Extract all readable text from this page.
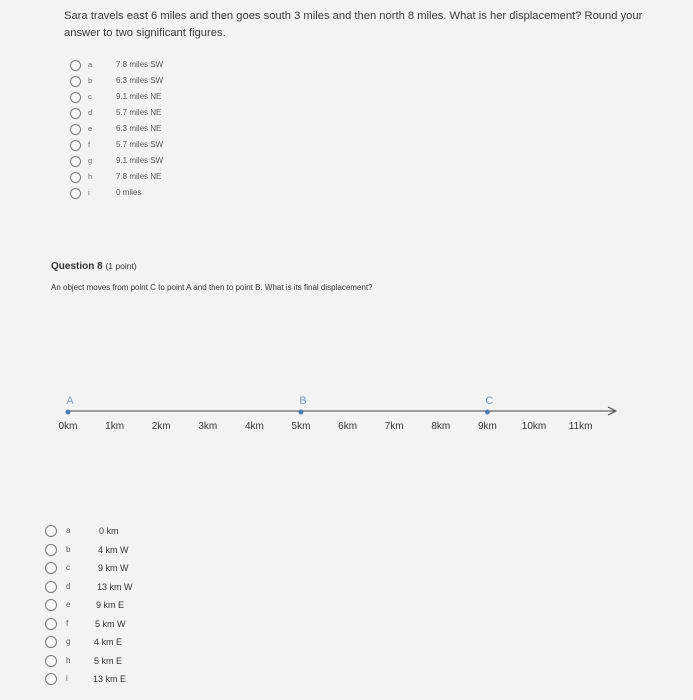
Sara travels east 6 miles and then goes south 3 miles and then north 8 miles. What is her displacement? Round your answer to two significant figures.
a	7.8 miles SW
b	6.3 miles SW
c	9.1 miles NE
d	5.7 miles NE
e	6.3 miles NE
f	5.7 miles SW
g	9.1 miles SW
h	7.8 miles NE
i	0 miles
Question 8 (1 point)
An object moves from point C to point A and then to point B. What is its final displacement?
0km	1km	2km	3km	4km	5km	6km	7km	8km	9km 10km 11km
A	B	C
a	0 km
b	4 km W
c	9 km W
d	13 km W
e	9 km E
f	5 km W
g	4 km E
h	5 km E
i	13 km E
